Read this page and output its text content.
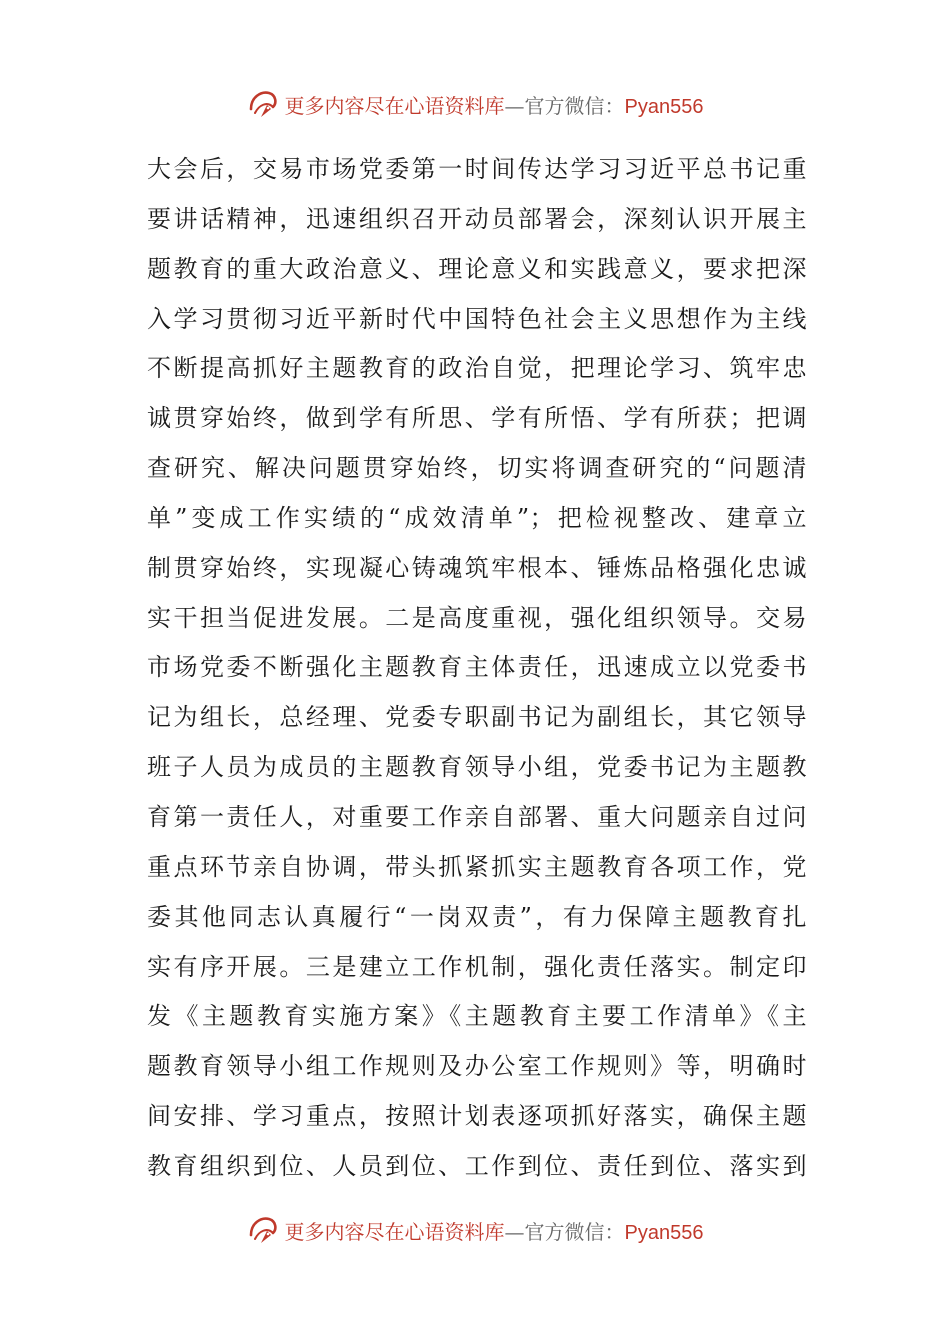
更多内容尽在心语资料库—官方微信：Pyan556
大会后，交易市场党委第一时间传达学习习近平总书记重
要讲话精神，迅速组织召开动员部署会，深刻认识开展主
题教育的重大政治意义、理论意义和实践意义，要求把深
入学习贯彻习近平新时代中国特色社会主义思想作为主线
不断提高抓好主题教育的政治自觉，把理论学习、筑牢忠
诚贯穿始终，做到学有所思、学有所悟、学有所获；把调
查研究、解决问题贯穿始终，切实将调查研究的“问题清
单”变成工作实绩的“成效清单”；把检视整改、建章立
制贯穿始终，实现凝心铸魂筑牢根本、锤炼品格强化忠诚
实干担当促进发展。二是高度重视，强化组织领导。交易
市场党委不断强化主题教育主体责任，迅速成立以党委书
记为组长，总经理、党委专职副书记为副组长，其它领导
班子人员为成员的主题教育领导小组，党委书记为主题教
育第一责任人，对重要工作亲自部署、重大问题亲自过问
重点环节亲自协调，带头抓紧抓实主题教育各项工作，党
委其他同志认真履行“一岗双责”，有力保障主题教育扎
实有序开展。三是建立工作机制，强化责任落实。制定印
发《主题教育实施方案》《主题教育主要工作清单》《主
题教育领导小组工作规则及办公室工作规则》等，明确时
间安排、学习重点，按照计划表逐项抓好落实，确保主题
教育组织到位、人员到位、工作到位、责任到位、落实到
更多内容尽在心语资料库—官方微信：Pyan556
